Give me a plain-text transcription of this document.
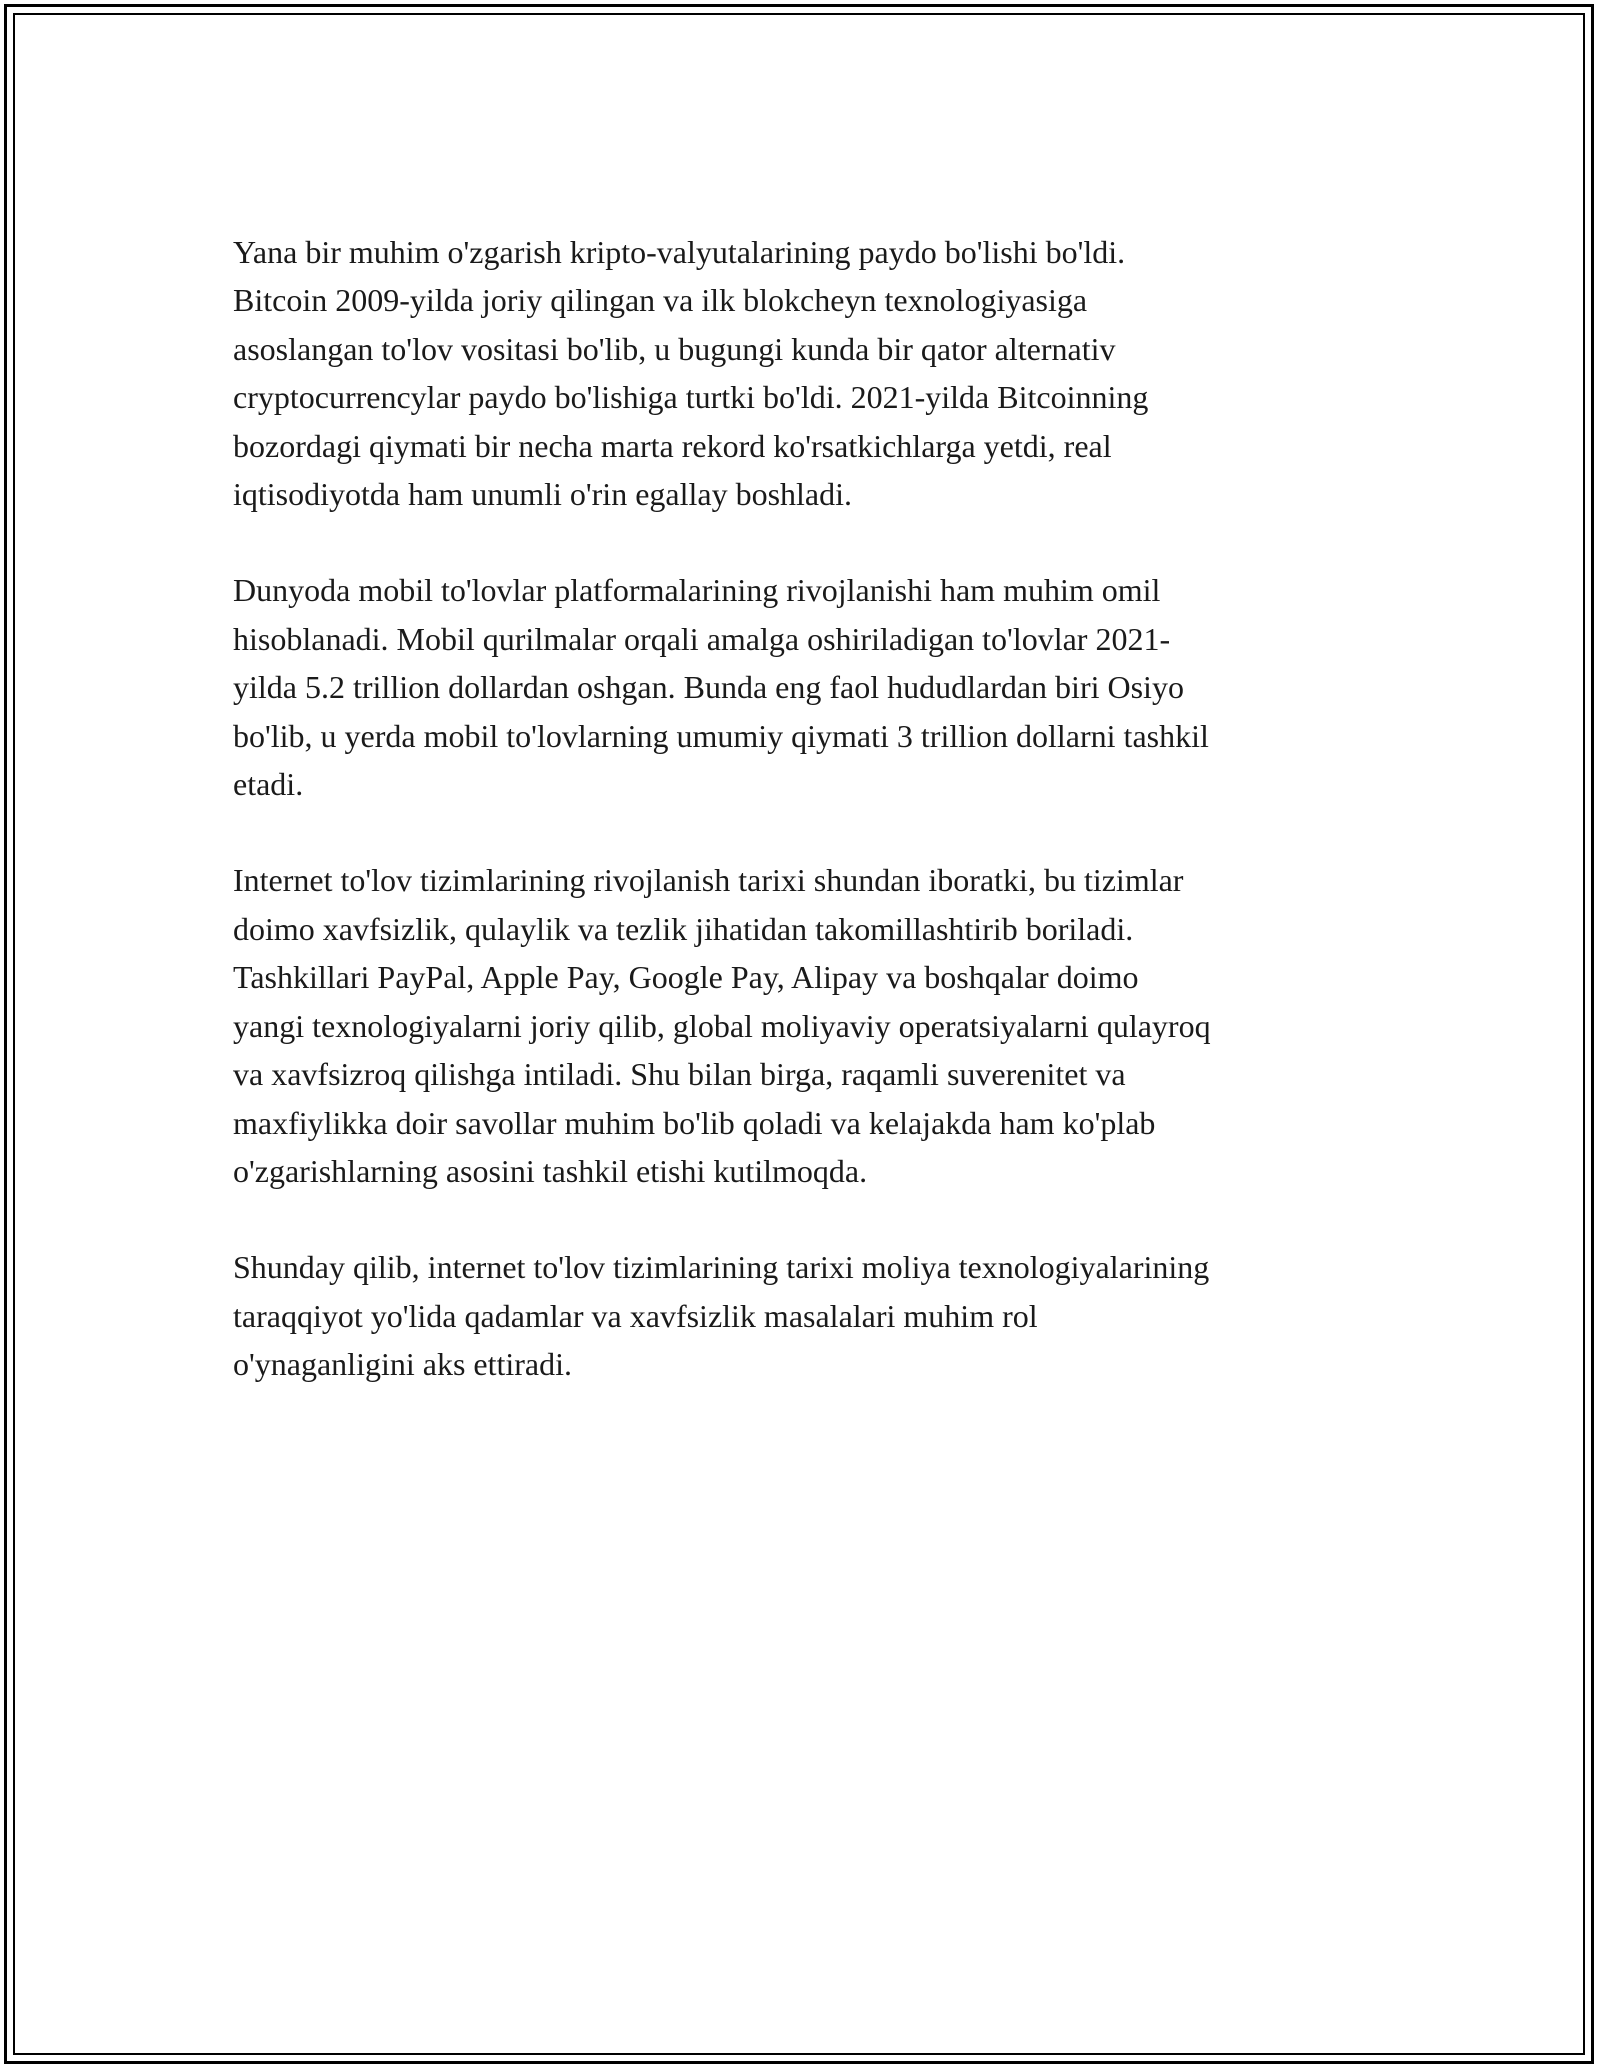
Yana bir muhim o'zgarish kripto-valyutalarining paydo bo'lishi bo'ldi.
Bitcoin 2009-yilda joriy qilingan va ilk blokcheyn texnologiyasiga
asoslangan to'lov vositasi bo'lib, u bugungi kunda bir qator alternativ
cryptocurrencylar paydo bo'lishiga turtki bo'ldi. 2021-yilda Bitcoinning
bozordagi qiymati bir necha marta rekord ko'rsatkichlarga yetdi, real
iqtisodiyotda ham unumli o'rin egallay boshladi.

Dunyoda mobil to'lovlar platformalarining rivojlanishi ham muhim omil
hisoblanadi. Mobil qurilmalar orqali amalga oshiriladigan to'lovlar 2021-
yilda 5.2 trillion dollardan oshgan. Bunda eng faol hududlardan biri Osiyo
bo'lib, u yerda mobil to'lovlarning umumiy qiymati 3 trillion dollarni tashkil
etadi.

Internet to'lov tizimlarining rivojlanish tarixi shundan iboratki, bu tizimlar
doimo xavfsizlik, qulaylik va tezlik jihatidan takomillashtirib boriladi.
Tashkillari PayPal, Apple Pay, Google Pay, Alipay va boshqalar doimo
yangi texnologiyalarni joriy qilib, global moliyaviy operatsiyalarni qulayroq
va xavfsizroq qilishga intiladi. Shu bilan birga, raqamli suverenitet va
maxfiylikka doir savollar muhim bo'lib qoladi va kelajakda ham ko'plab
o'zgarishlarning asosini tashkil etishi kutilmoqda.

Shunday qilib, internet to'lov tizimlarining tarixi moliya texnologiyalarining
taraqqiyot yo'lida qadamlar va xavfsizlik masalalari muhim rol
o'ynaganligini aks ettiradi.
